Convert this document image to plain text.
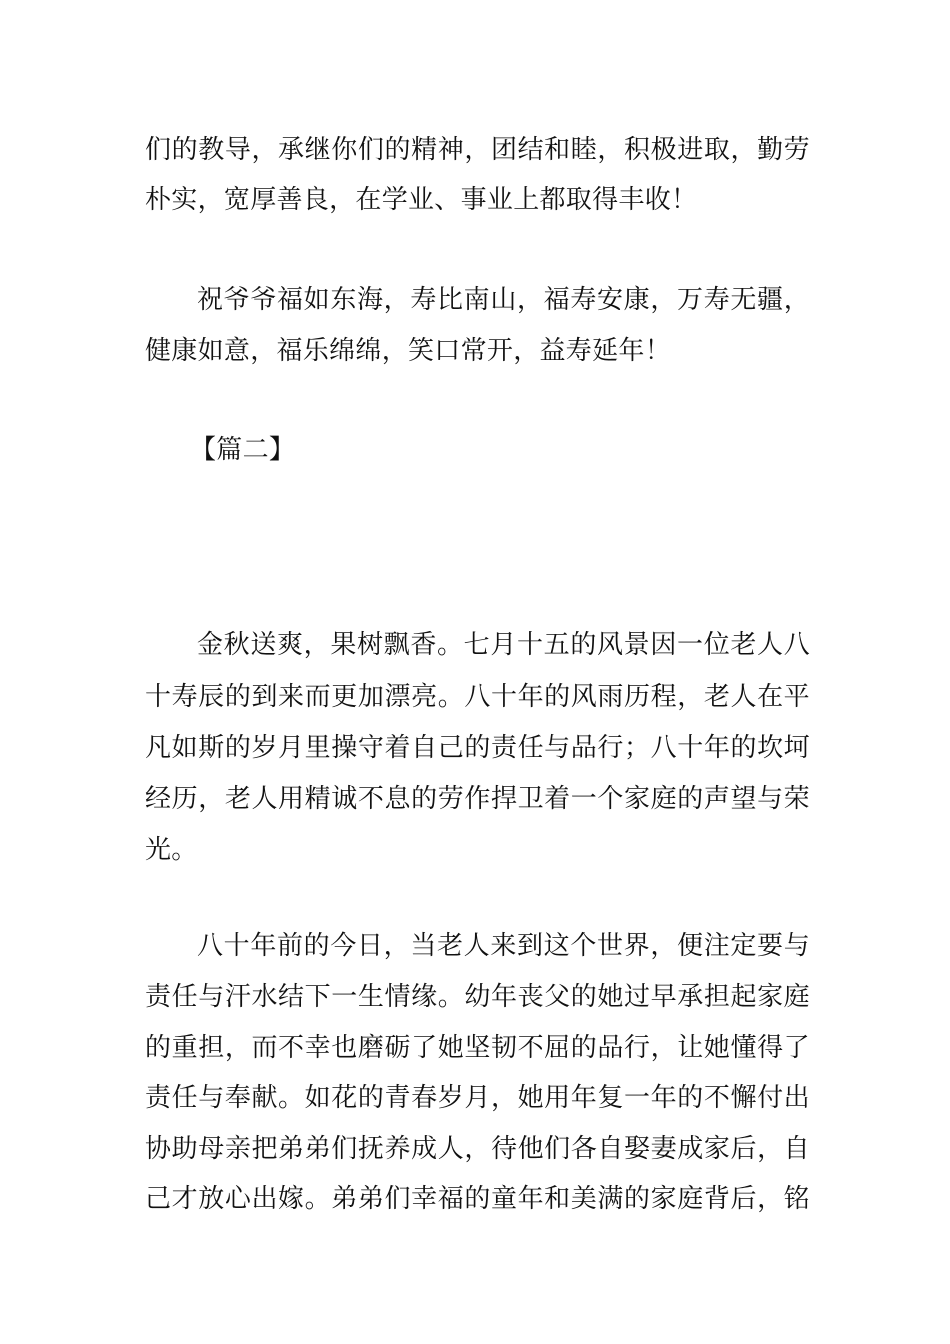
们的教导，承继你们的精神，团结和睦，积极进取，勤劳
朴实，宽厚善良，在学业、事业上都取得丰收！
祝爷爷福如东海，寿比南山，福寿安康，万寿无疆，
健康如意，福乐绵绵，笑口常开，益寿延年！
【篇二】
金秋送爽，果树飘香。七月十五的风景因一位老人八
十寿辰的到来而更加漂亮。八十年的风雨历程，老人在平
凡如斯的岁月里操守着自己的责任与品行；八十年的坎坷
经历，老人用精诚不息的劳作捍卫着一个家庭的声望与荣
光。
八十年前的今日，当老人来到这个世界，便注定要与
责任与汗水结下一生情缘。幼年丧父的她过早承担起家庭
的重担，而不幸也磨砺了她坚韧不屈的品行，让她懂得了
责任与奉献。如花的青春岁月，她用年复一年的不懈付出
协助母亲把弟弟们抚养成人，待他们各自娶妻成家后，自
己才放心出嫁。弟弟们幸福的童年和美满的家庭背后，铭
